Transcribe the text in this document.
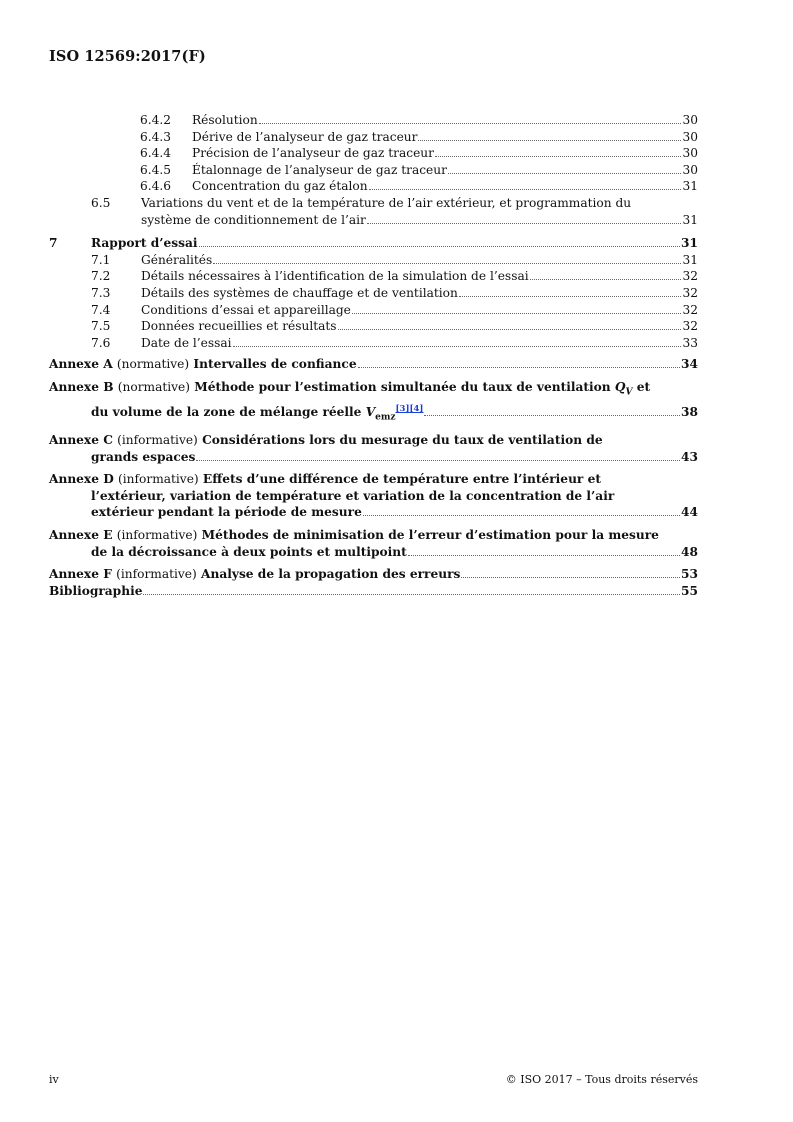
ISO 12569:2017(F)
6.4.2	Résolution	30
6.4.3	Dérive de l’analyseur de gaz traceur	30
6.4.4	Précision de l’analyseur de gaz traceur	30
6.4.5	Étalonnage de l’analyseur de gaz traceur	30
6.4.6	Concentration du gaz étalon	31
6.5	Variations du vent et de la température de l’air extérieur, et programmation du
système de conditionnement de l’air	31
7	Rapport d’essai	31
7.1	Généralités	31
7.2	Détails nécessaires à l’identification de la simulation de l’essai	32
7.3	Détails des systèmes de chauffage et de ventilation	32
7.4	Conditions d’essai et appareillage	32
7.5	Données recueillies et résultats	32
7.6	Date de l’essai	33
Annexe A (normative) Intervalles de confiance	34
Annexe B (normative) Méthode pour l’estimation simultanée du taux de ventilation $Q_V$ et
du volume de la zone de mélange réelle $V_{emz}[3][4]$	38
Annexe C (informative) Considérations lors du mesurage du taux de ventilation de
grands espaces	43
Annexe D (informative) Effets d’une différence de température entre l’intérieur et
l’extérieur, variation de température et variation de la concentration de l’air
extérieur pendant la période de mesure	44
Annexe E (informative) Méthodes de minimisation de l’erreur d’estimation pour la mesure
de la décroissance à deux points et multipoint	48
Annexe F (informative) Analyse de la propagation des erreurs	53
Bibliographie	55
iv	© ISO 2017 – Tous droits réservés
